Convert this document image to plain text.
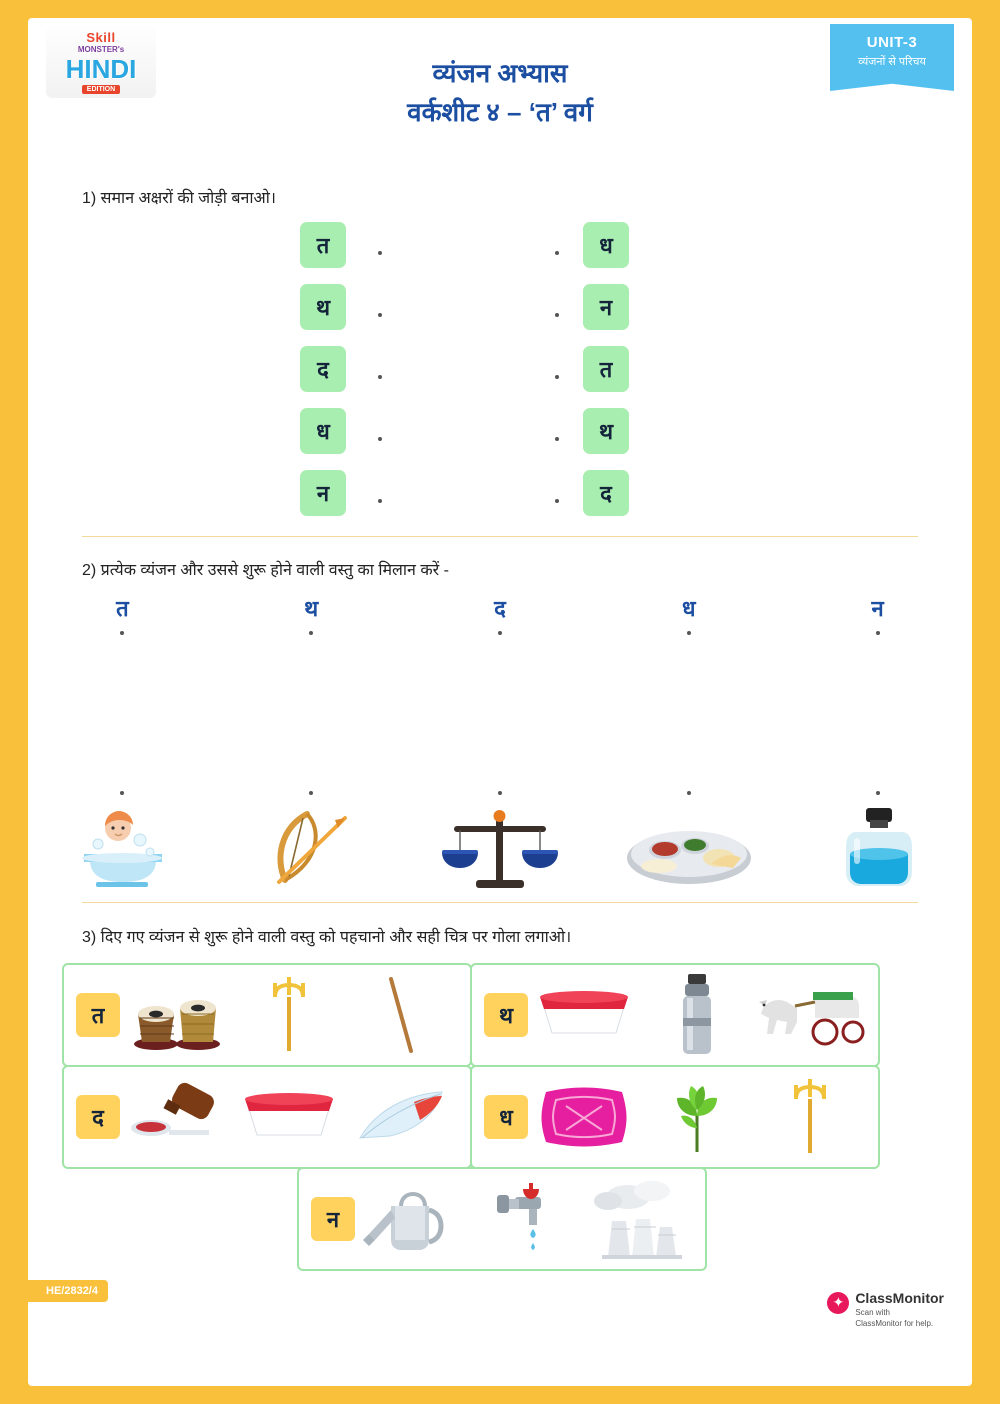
Skill
MONSTER's
HINDI
EDITION
व्यंजन अभ्यास
वर्कशीट ४ – ‘त’ वर्ग
UNIT-3
व्यंजनों से परिचय
1) समान अक्षरों की जोड़ी बनाओ।
त
थ
द
ध
न
ध
न
त
थ
द
2) प्रत्येक व्यंजन और उससे शुरू होने वाली वस्तु का मिलान करें -
त	थ	द	ध	न
3) दिए गए व्यंजन से शुरू होने वाली वस्तु को पहचानो और सही चित्र पर गोला लगाओ।
त	थ
द	ध
न
HE/2832/4
✦ ClassMonitor
Scan with
ClassMonitor for help.
